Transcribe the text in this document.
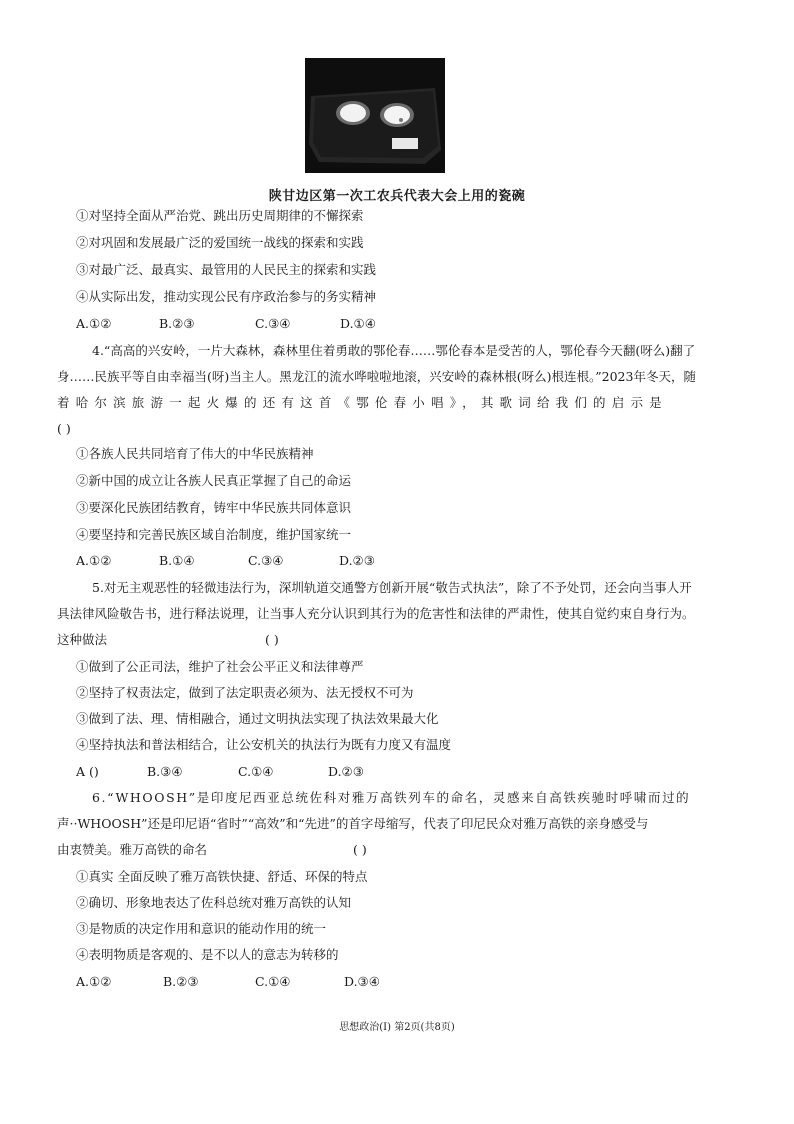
陕甘边区第一次工农兵代表大会上用的瓷碗
①对坚持全面从严治党、跳出历史周期律的不懈探索
②对巩固和发展最广泛的爱国统一战线的探索和实践
③对最广泛、最真实、最管用的人民民主的探索和实践
④从实际出发，推动实现公民有序政治参与的务实精神
A.①②	B.②③	C.③④	D.①④
4.“高高的兴安岭，一片大森林，森林里住着勇敢的鄂伦春……鄂伦春本是受苦的人，鄂伦春今天翻(呀么)翻了
身……民族平等自由幸福当(呀)当主人。黑龙江的流水哗啦啦地滚，兴安岭的森林根(呀么)根连根。”2023年冬天，随
着哈尔滨旅游一起火爆的还有这首《鄂伦春小唱》，其歌词给我们的启示是
( )
①各族人民共同培育了伟大的中华民族精神
②新中国的成立让各族人民真正掌握了自己的命运
③要深化民族团结教育，铸牢中华民族共同体意识
④要坚持和完善民族区域自治制度，维护国家统一
A.①②	B.①④	C.③④	D.②③
5.对无主观恶性的轻微违法行为，深圳轨道交通警方创新开展“敬告式执法”，除了不予处罚，还会向当事人开
具法律风险敬告书，进行释法说理，让当事人充分认识到其行为的危害性和法律的严肃性，使其自觉约束自身行为。
这种做法	( )
①做到了公正司法，维护了社会公平正义和法律尊严
②坚持了权责法定，做到了法定职责必须为、法无授权不可为
③做到了法、理、情相融合，通过文明执法实现了执法效果最大化
④坚持执法和普法相结合，让公安机关的执法行为既有力度又有温度
A ()	B.③④	C.①④	D.②③
6.“WHOOSH”是印度尼西亚总统佐科对雅万高铁列车的命名，灵感来自高铁疾驰时呼啸而过的
声··WHOOSH”还是印尼语“省时”“高效”和“先进”的首字母缩写，代表了印尼民众对雅万高铁的亲身感受与
由衷赞美。雅万高铁的命名	( )
①真实 全面反映了雅万高铁快捷、舒适、环保的特点
②确切、形象地表达了佐科总统对雅万高铁的认知
③是物质的决定作用和意识的能动作用的统一
④表明物质是客观的、是不以人的意志为转移的
A.①②	B.②③	C.①④	D.③④
思想政治(I) 第2页(共8页)
